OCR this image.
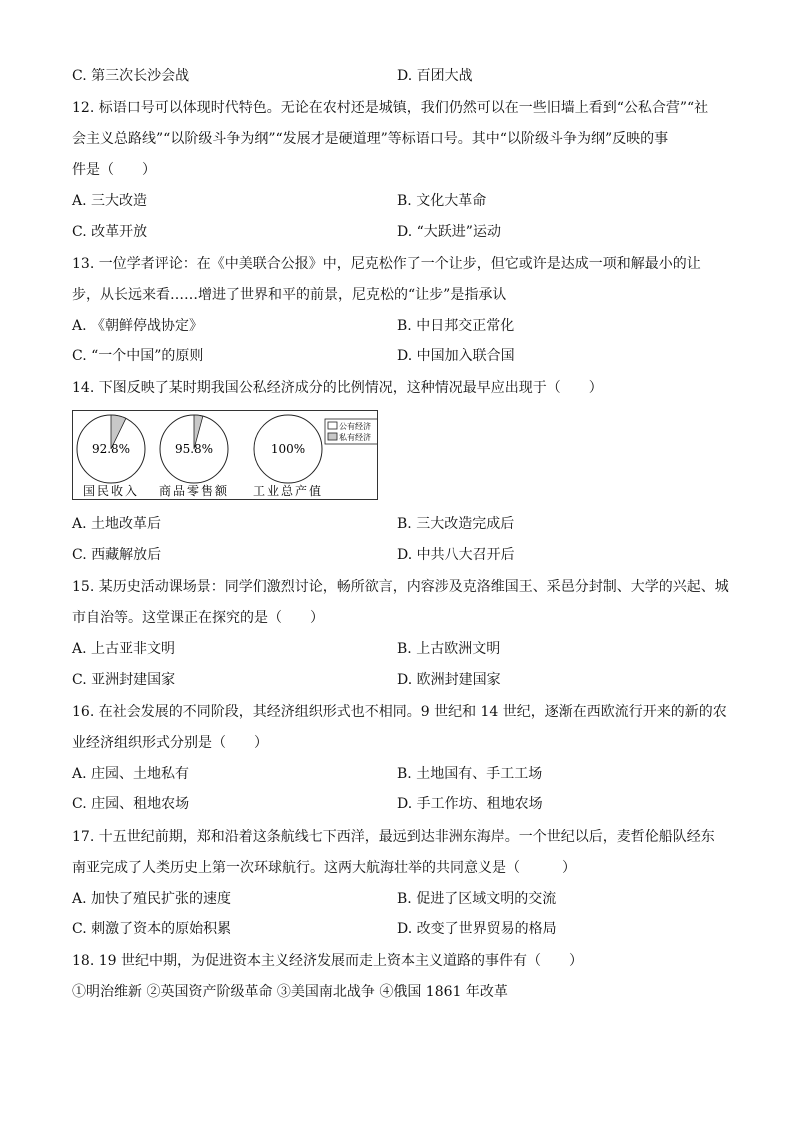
C. 第三次长沙会战	D. 百团大战
12. 标语口号可以体现时代特色。无论在农村还是城镇，我们仍然可以在一些旧墙上看到“公私合营”“社
会主义总路线”“以阶级斗争为纲”“发展才是硬道理”等标语口号。其中“以阶级斗争为纲”反映的事
件是（　　）
A. 三大改造	B. 文化大革命
C. 改革开放	D. “大跃进”运动
13. 一位学者评论：在《中美联合公报》中，尼克松作了一个让步，但它或许是达成一项和解最小的让
步，从长远来看……增进了世界和平的前景，尼克松的“让步”是指承认
A. 《朝鲜停战协定》	B. 中日邦交正常化
C. “一个中国”的原则	D. 中国加入联合国
14. 下图反映了某时期我国公私经济成分的比例情况，这种情况最早应出现于（　　）
92.8%
国民收入
95.8%
商品零售额
100%
工业总产值
公有经济
私有经济
A. 土地改革后	B. 三大改造完成后
C. 西藏解放后	D. 中共八大召开后
15. 某历史活动课场景：同学们激烈讨论，畅所欲言，内容涉及克洛维国王、采邑分封制、大学的兴起、城
市自治等。这堂课正在探究的是（　　）
A. 上古亚非文明	B. 上古欧洲文明
C. 亚洲封建国家	D. 欧洲封建国家
16. 在社会发展的不同阶段，其经济组织形式也不相同。9 世纪和 14 世纪，逐渐在西欧流行开来的新的农
业经济组织形式分别是（　　）
A. 庄园、土地私有	B. 土地国有、手工工场
C. 庄园、租地农场	D. 手工作坊、租地农场
17. 十五世纪前期，郑和沿着这条航线七下西洋，最远到达非洲东海岸。一个世纪以后，麦哲伦船队经东
南亚完成了人类历史上第一次环球航行。这两大航海壮举的共同意义是（　　　）
A. 加快了殖民扩张的速度	B. 促进了区域文明的交流
C. 刺激了资本的原始积累	D. 改变了世界贸易的格局
18. 19 世纪中期，为促进资本主义经济发展而走上资本主义道路的事件有（　　）
①明治维新 ②英国资产阶级革命 ③美国南北战争 ④俄国 1861 年改革
